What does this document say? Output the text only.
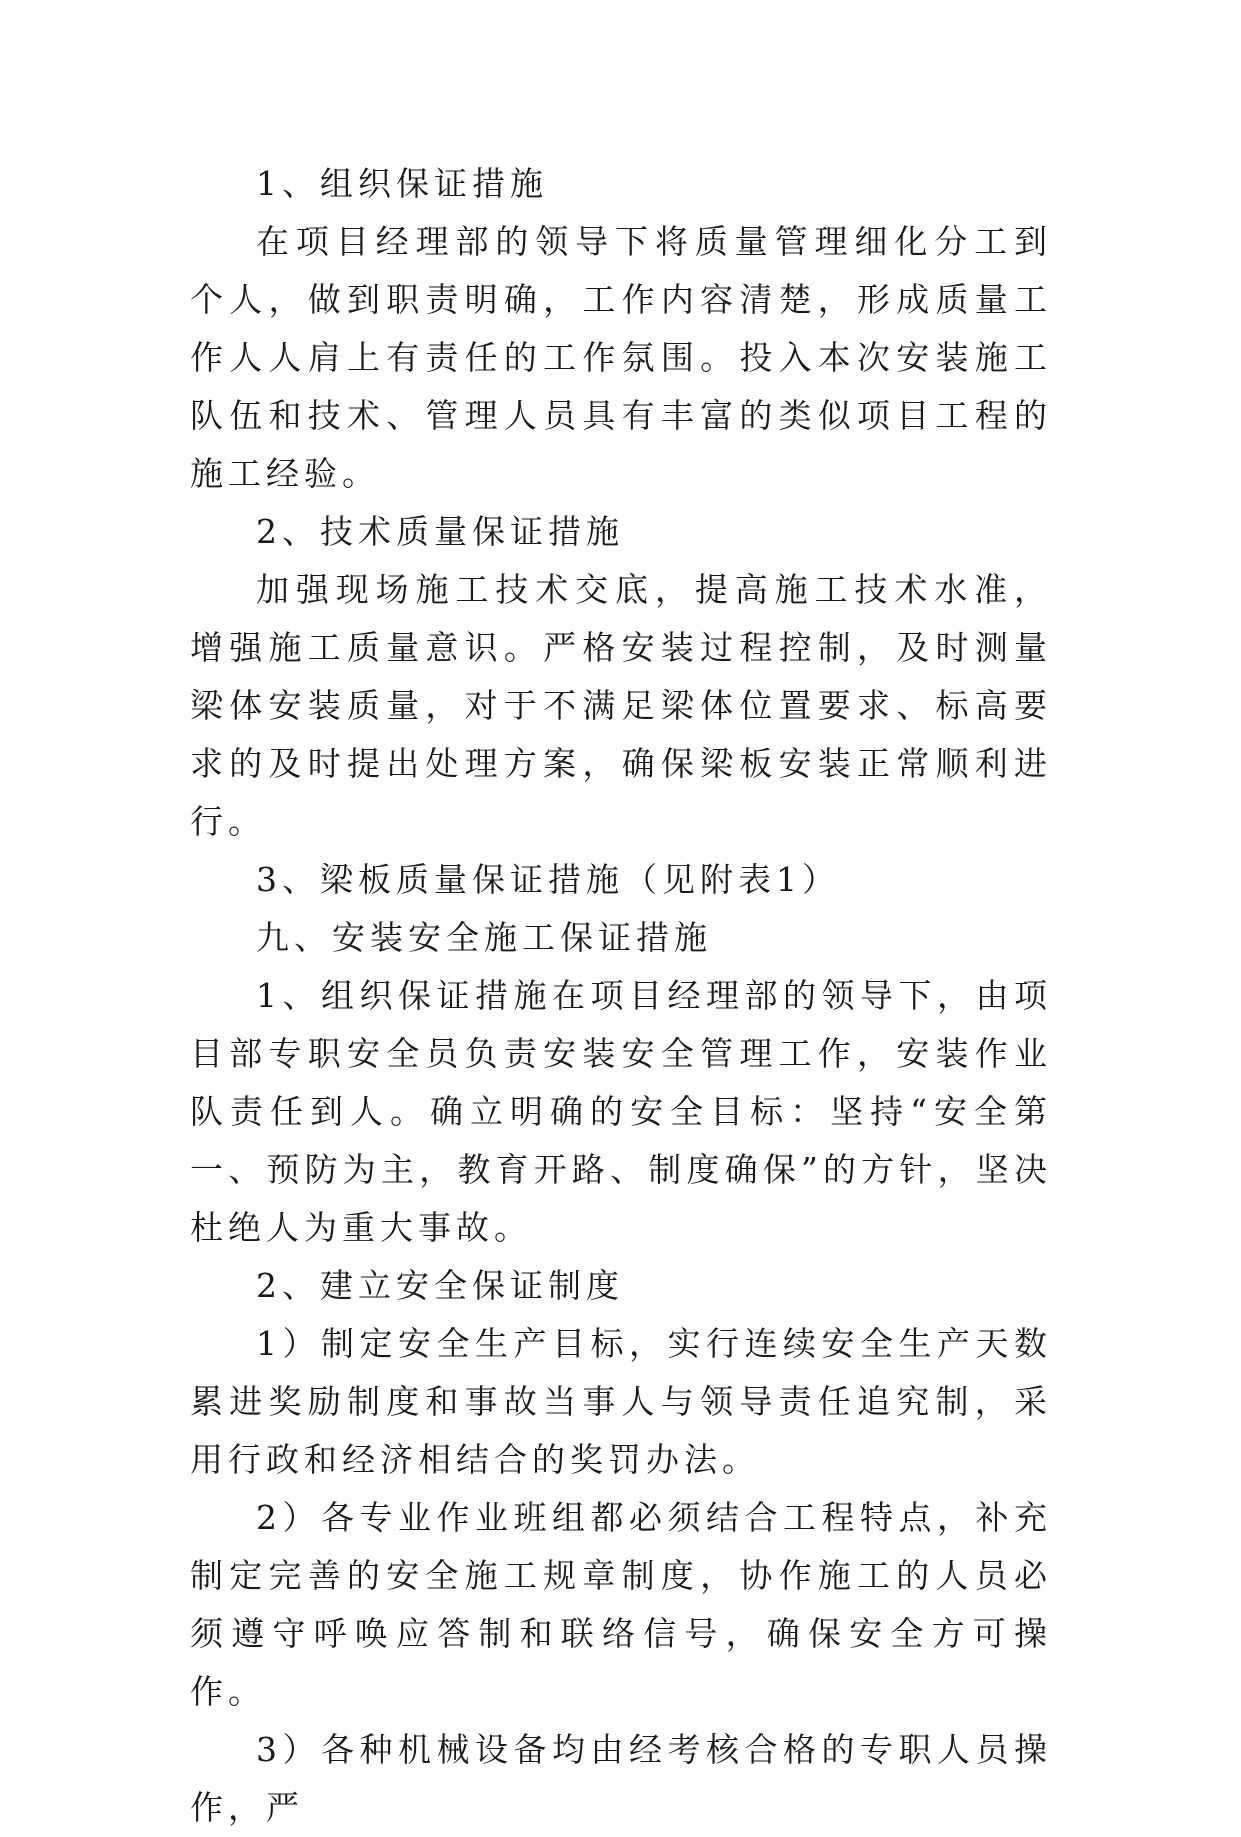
1、组织保证措施

在项目经理部的领导下将质量管理细化分工到个人，做到职责明确，工作内容清楚，形成质量工作人人肩上有责任的工作氛围。投入本次安装施工队伍和技术、管理人员具有丰富的类似项目工程的施工经验。

2、技术质量保证措施

加强现场施工技术交底，提高施工技术水准，增强施工质量意识。严格安装过程控制，及时测量梁体安装质量，对于不满足梁体位置要求、标高要求的及时提出处理方案，确保梁板安装正常顺利进行。

3、梁板质量保证措施（见附表1）

九、安装安全施工保证措施

1、组织保证措施在项目经理部的领导下，由项目部专职安全员负责安装安全管理工作，安装作业队责任到人。确立明确的安全目标：坚持“安全第一、预防为主，教育开路、制度确保”的方针，坚决杜绝人为重大事故。

2、建立安全保证制度

1）制定安全生产目标，实行连续安全生产天数累进奖励制度和事故当事人与领导责任追究制，采用行政和经济相结合的奖罚办法。

2）各专业作业班组都必须结合工程特点，补充制定完善的安全施工规章制度，协作施工的人员必须遵守呼唤应答制和联络信号，确保安全方可操作。

3）各种机械设备均由经考核合格的专职人员操作，严
